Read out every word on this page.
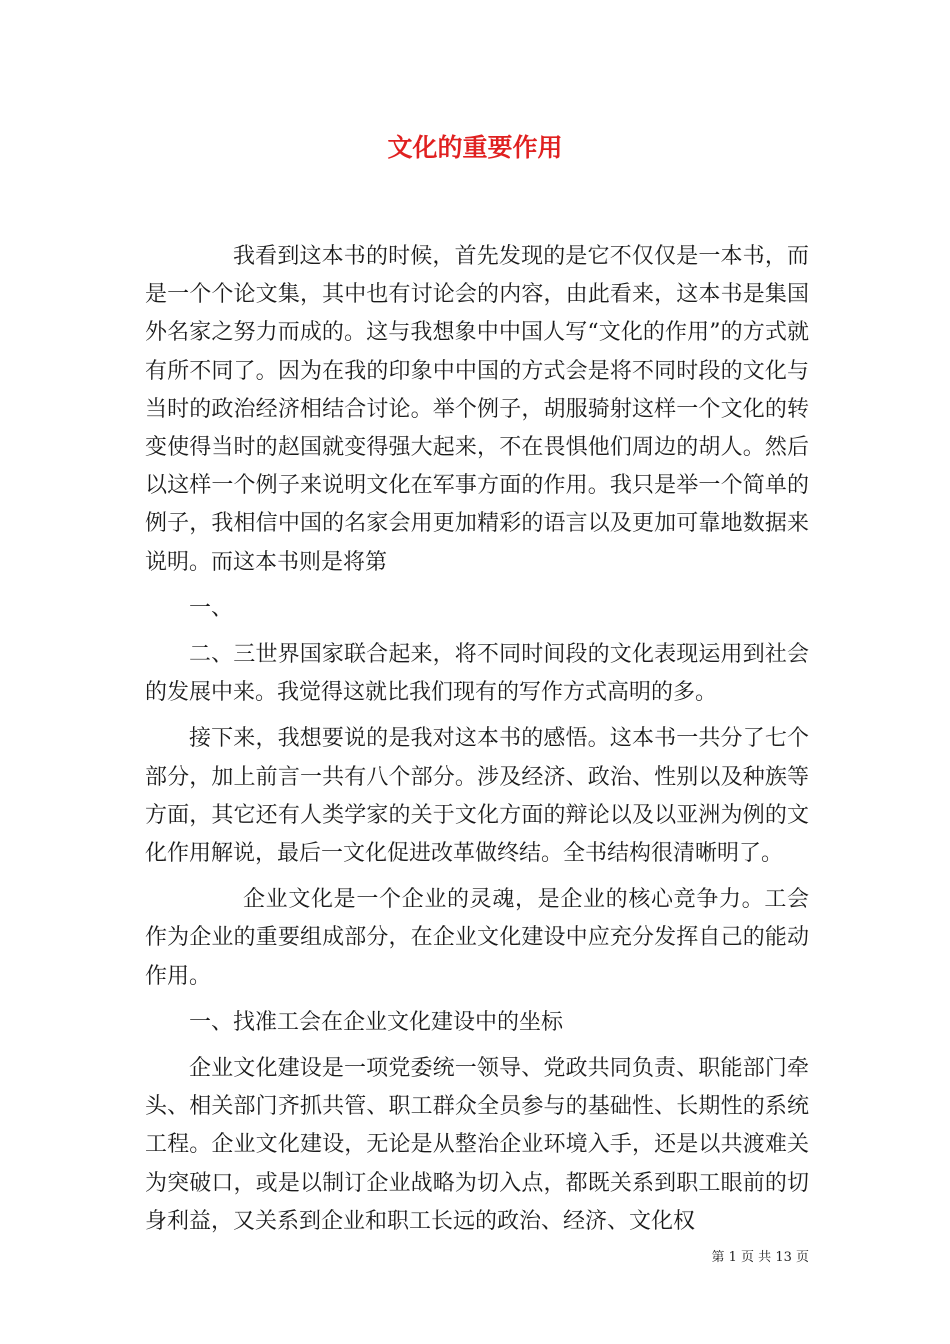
文化的重要作用

我看到这本书的时候，首先发现的是它不仅仅是一本书，而是一个个论文集，其中也有讨论会的内容，由此看来，这本书是集国外名家之努力而成的。这与我想象中中国人写“文化的作用”的方式就有所不同了。因为在我的印象中中国的方式会是将不同时段的文化与当时的政治经济相结合讨论。举个例子，胡服骑射这样一个文化的转变使得当时的赵国就变得强大起来，不在畏惧他们周边的胡人。然后以这样一个例子来说明文化在军事方面的作用。我只是举一个简单的例子，我相信中国的名家会用更加精彩的语言以及更加可靠地数据来说明。而这本书则是将第

一、

二、三世界国家联合起来，将不同时间段的文化表现运用到社会的发展中来。我觉得这就比我们现有的写作方式高明的多。

接下来，我想要说的是我对这本书的感悟。这本书一共分了七个部分，加上前言一共有八个部分。涉及经济、政治、性别以及种族等方面，其它还有人类学家的关于文化方面的辩论以及以亚洲为例的文化作用解说，最后一文化促进改革做终结。全书结构很清晰明了。

企业文化是一个企业的灵魂，是企业的核心竞争力。工会作为企业的重要组成部分，在企业文化建设中应充分发挥自己的能动作用。

一、找准工会在企业文化建设中的坐标

企业文化建设是一项党委统一领导、党政共同负责、职能部门牵头、相关部门齐抓共管、职工群众全员参与的基础性、长期性的系统工程。企业文化建设，无论是从整治企业环境入手，还是以共渡难关为突破口，或是以制订企业战略为切入点，都既关系到职工眼前的切身利益，又关系到企业和职工长远的政治、经济、文化权

第 1 页 共 13 页
